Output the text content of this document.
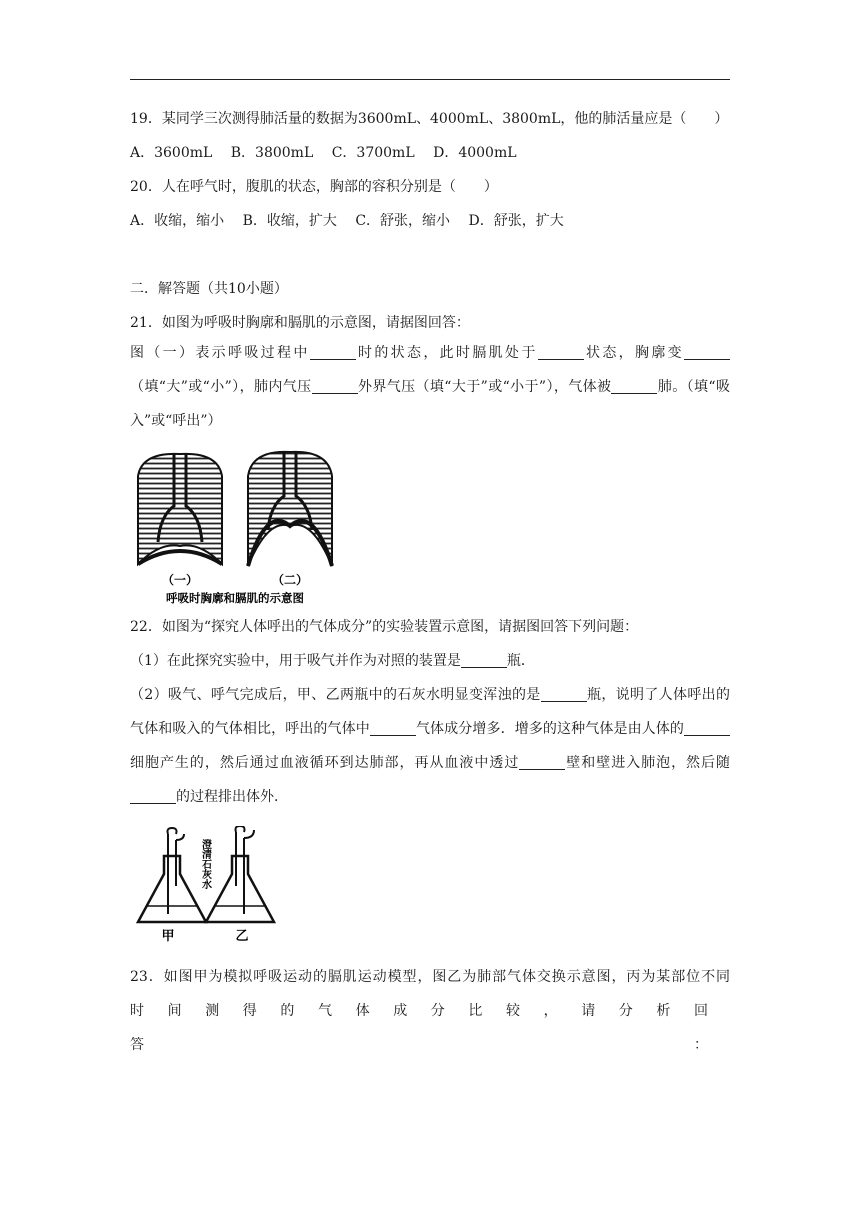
19．某同学三次测得肺活量的数据为3600mL、4000mL、3800mL，他的肺活量应是（　　）

A．3600mL B．3800mL C．3700mL D．4000mL

20．人在呼气时，腹肌的状态，胸部的容积分别是（　　）

A．收缩，缩小 B．收缩，扩大 C．舒张，缩小 D．舒张，扩大

二．解答题（共10小题）

21．如图为呼吸时胸廓和膈肌的示意图，请据图回答：

图（一）表示呼吸过程中	时的状态，此时膈肌处于	状态，胸廓变（填“大”或“小”），肺内气压	外界气压（填“大于”或“小于”），气体被	肺。（填“吸入”或“呼出”）

（一）	（二）
呼吸时胸廓和膈肌的示意图

22．如图为“探究人体呼出的气体成分”的实验装置示意图，请据图回答下列问题：

（1）在此探究实验中，用于吸气并作为对照的装置是	瓶．

（2）吸气、呼气完成后，甲、乙两瓶中的石灰水明显变浑浊的是	瓶，说明了人体呼出的气体和吸入的气体相比，呼出的气体中	气体成分增多．增多的这种气体是由人体的细胞产生的，然后通过血液循环到达肺部，再从血液中透过	壁和壁进入肺泡，然后随的过程排出体外．

甲	乙
澄清石灰水

23．如图甲为模拟呼吸运动的膈肌运动模型，图乙为肺部气体交换示意图，丙为某部位不同

时间测得的气体成分比较，请分析回答：
